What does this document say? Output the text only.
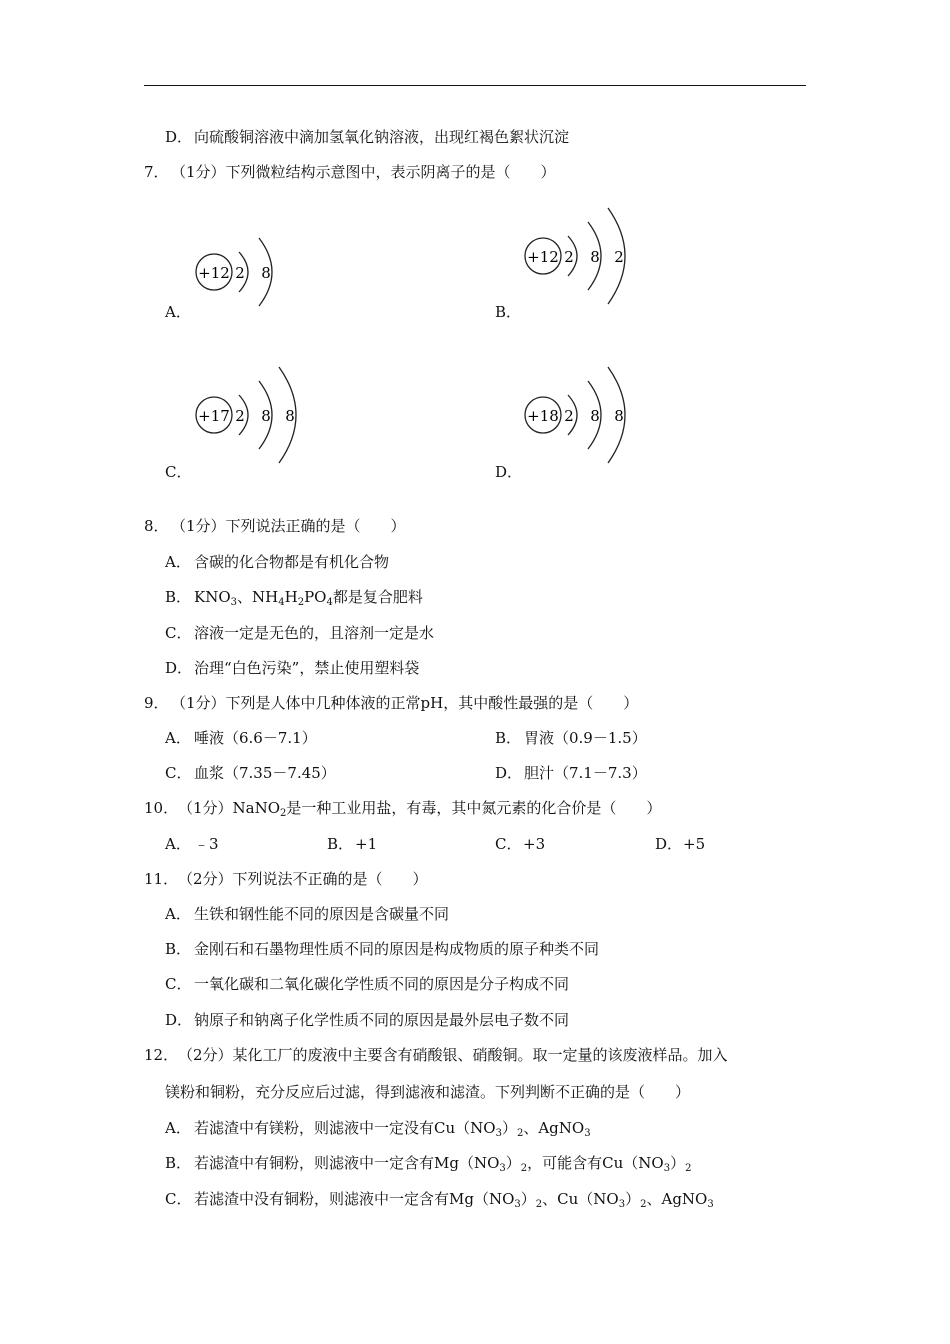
D． 向硫酸铜溶液中滴加氢氧化钠溶液，出现红褐色絮状沉淀
7． （1分）下列微粒结构示意图中，表示阴离子的是（　　）
+12 2 8
A．
+12 2 8 2
B．
+17 2 8 8
C．
+18 2 8 8
D．
8． （1分）下列说法正确的是（　　）
A． 含碳的化合物都是有机化合物
B． $KNO_3$、$NH_4H_2PO_4$都是复合肥料
C． 溶液一定是无色的，且溶剂一定是水
D． 治理“白色污染”，禁止使用塑料袋
9． （1分）下列是人体中几种体液的正常pH，其中酸性最强的是（　　）
A． 唾液（6.6－7.1）	B． 胃液（0.9－1.5）
C． 血浆（7.35－7.45）	D． 胆汁（7.1－7.3）
10． （1分）NaNO$_2$是一种工业用盐，有毒，其中氮元素的化合价是（　　）
A． ﹣3	B． +1	C． +3	D． +5
11． （2分）下列说法不正确的是（　　）
A． 生铁和钢性能不同的原因是含碳量不同
B． 金刚石和石墨物理性质不同的原因是构成物质的原子种类不同
C． 一氧化碳和二氧化碳化学性质不同的原因是分子构成不同
D． 钠原子和钠离子化学性质不同的原因是最外层电子数不同
12． （2分）某化工厂的废液中主要含有硝酸银、硝酸铜。取一定量的该废液样品。加入
镁粉和铜粉，充分反应后过滤，得到滤液和滤渣。下列判断不正确的是（　　）
A． 若滤渣中有镁粉，则滤液中一定没有$Cu(NO_3)_2$、AgNO$_3$
B． 若滤渣中有铜粉，则滤液中一定含有$Mg(NO_3)_2$，可能含有$Cu(NO_3)_2$
C． 若滤渣中没有铜粉，则滤液中一定含有$Mg(NO_3)_2$、$Cu(NO_3)_2$、AgNO$_3$
